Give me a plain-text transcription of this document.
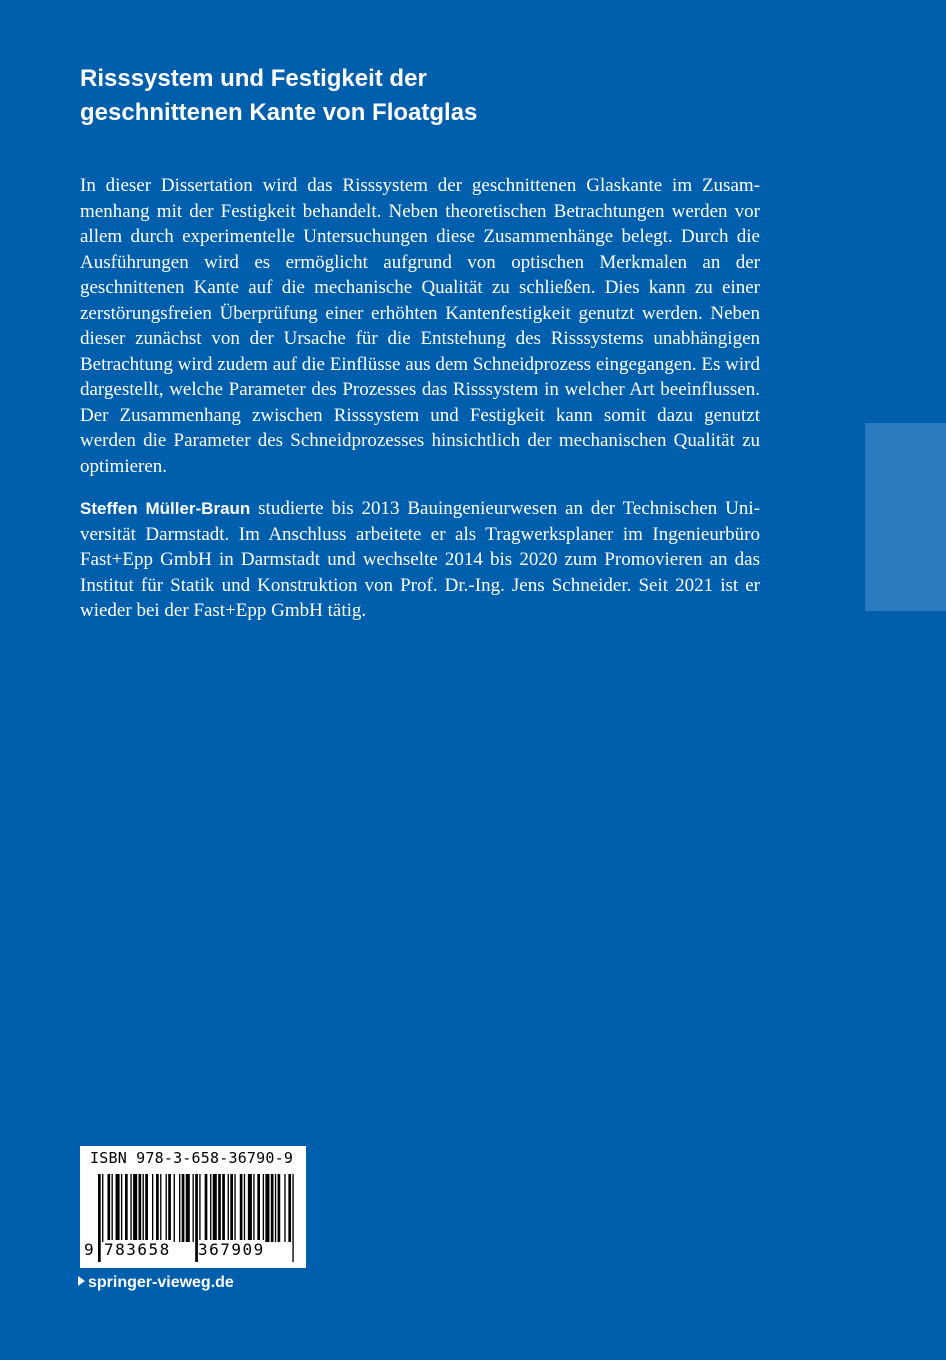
Risssystem und Festigkeit der
geschnittenen Kante von Floatglas
In dieser Dissertation wird das Risssystem der geschnittenen Glaskante im Zusammenhang mit der Festigkeit behandelt. Neben theoretischen Betrachtungen werden vor allem durch experimentelle Untersuchungen diese Zusammenhänge belegt. Durch die Ausführungen wird es ermöglicht aufgrund von optischen Merkmalen an der geschnittenen Kante auf die mechanische Qualität zu schließen. Dies kann zu einer zerstörungsfreien Überprüfung einer erhöhten Kantenfestigkeit genutzt werden. Neben dieser zunächst von der Ursache für die Entstehung des Risssystems unabhängigen Betrachtung wird zudem auf die Einflüsse aus dem Schneidprozess eingegangen. Es wird dargestellt, welche Parameter des Prozesses das Risssystem in welcher Art beeinflussen. Der Zusammenhang zwischen Risssystem und Festigkeit kann somit dazu genutzt werden die Parameter des Schneidprozesses hinsichtlich der mechanischen Qualität zu optimieren.
Steffen Müller-Braun studierte bis 2013 Bauingenieurwesen an der Technischen Universität Darmstadt. Im Anschluss arbeitete er als Tragwerksplaner im Ingenieurbüro Fast+Epp GmbH in Darmstadt und wechselte 2014 bis 2020 zum Promovieren an das Institut für Statik und Konstruktion von Prof. Dr.-Ing. Jens Schneider. Seit 2021 ist er wieder bei der Fast+Epp GmbH tätig.
ISBN 978-3-658-36790-9
9 783658 367909
springer-vieweg.de
